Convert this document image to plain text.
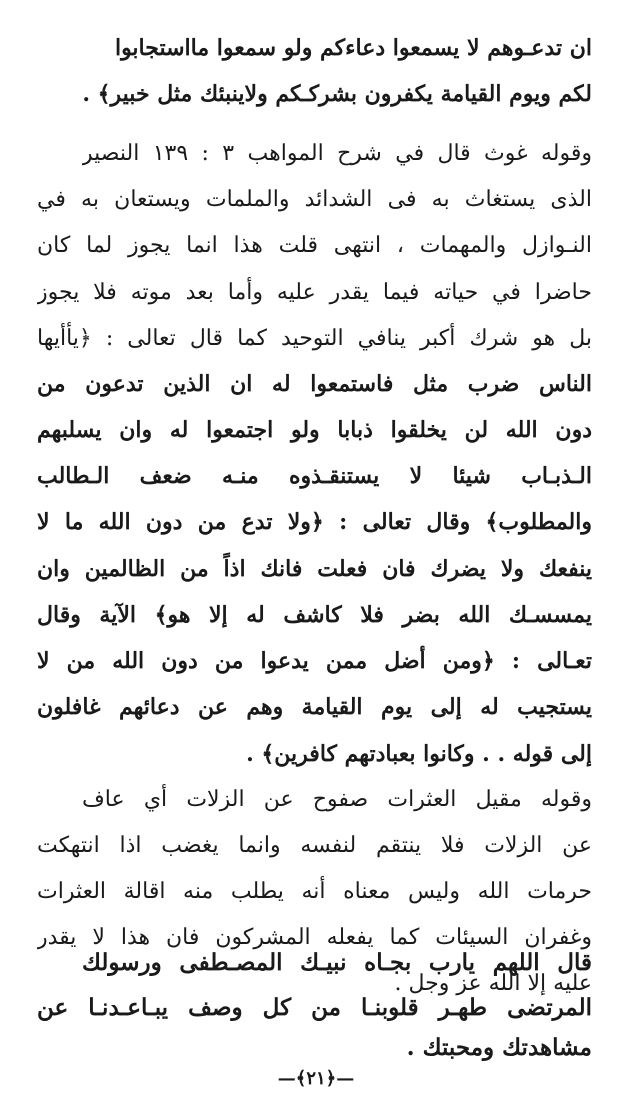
ان تدعـوهم لا يسمعوا دعاءكم ولو سمعوا مااستجابوا
لكم ويوم القيامة يكفرون بشركـكم ولاينبئك مثل خبير﴾ .
وقوله غوث قال في شرح المواهب ٣ : ١٣٩ النصير
الذى يستغاث به فى الشدائد والملمات ويستعان به في
النـوازل والمهمات ، انتهى قلت هذا انما يجوز لما كان
حاضرا في حياته فيما يقدر عليه وأما بعد موته فلا يجوز
بل هو شرك أكبر ينافي التوحيد كما قال تعالى : ﴿يأأيها
الناس ضرب مثل فاستمعوا له ان الذين تدعون من
دون الله لن يخلقوا ذبابا ولو اجتمعوا له وان يسلبهم
الـذبـاب شيئا لا يستنقـذوه منـه ضعف الـطالب
والمطلوب﴾ وقال تعالى : ﴿ولا تدع من دون الله ما لا
ينفعك ولا يضرك فان فعلت فانك اذاً من الظالمين وان
يمسسـك الله بضر فلا كاشف له إلا هو﴾ الآية وقال
تعـالى : ﴿ومن أضل ممن يدعوا من دون الله من لا
يستجيب له إلى يوم القيامة وهم عن دعائهم غافلون
إلى قوله . . وكانوا بعبادتهم كافرين﴾ .
وقوله مقيل العثرات صفوح عن الزلات أي عاف
عن الزلات فلا ينتقم لنفسه وانما يغضب اذا انتهكت
حرمات الله وليس معناه أنه يطلب منه اقالة العثرات
وغفران السيئات كما يفعله المشركون فان هذا لا يقدر
عليه إلا الله عز وجل .
قال اللهم يارب بجـاه نبيـك المصـطفى ورسولك
المرتضى طهـر قلوبنـا من كل وصف يبـاعـدنـا عن
مشاهدتك ومحبتك .
—﴿٢١﴾—
